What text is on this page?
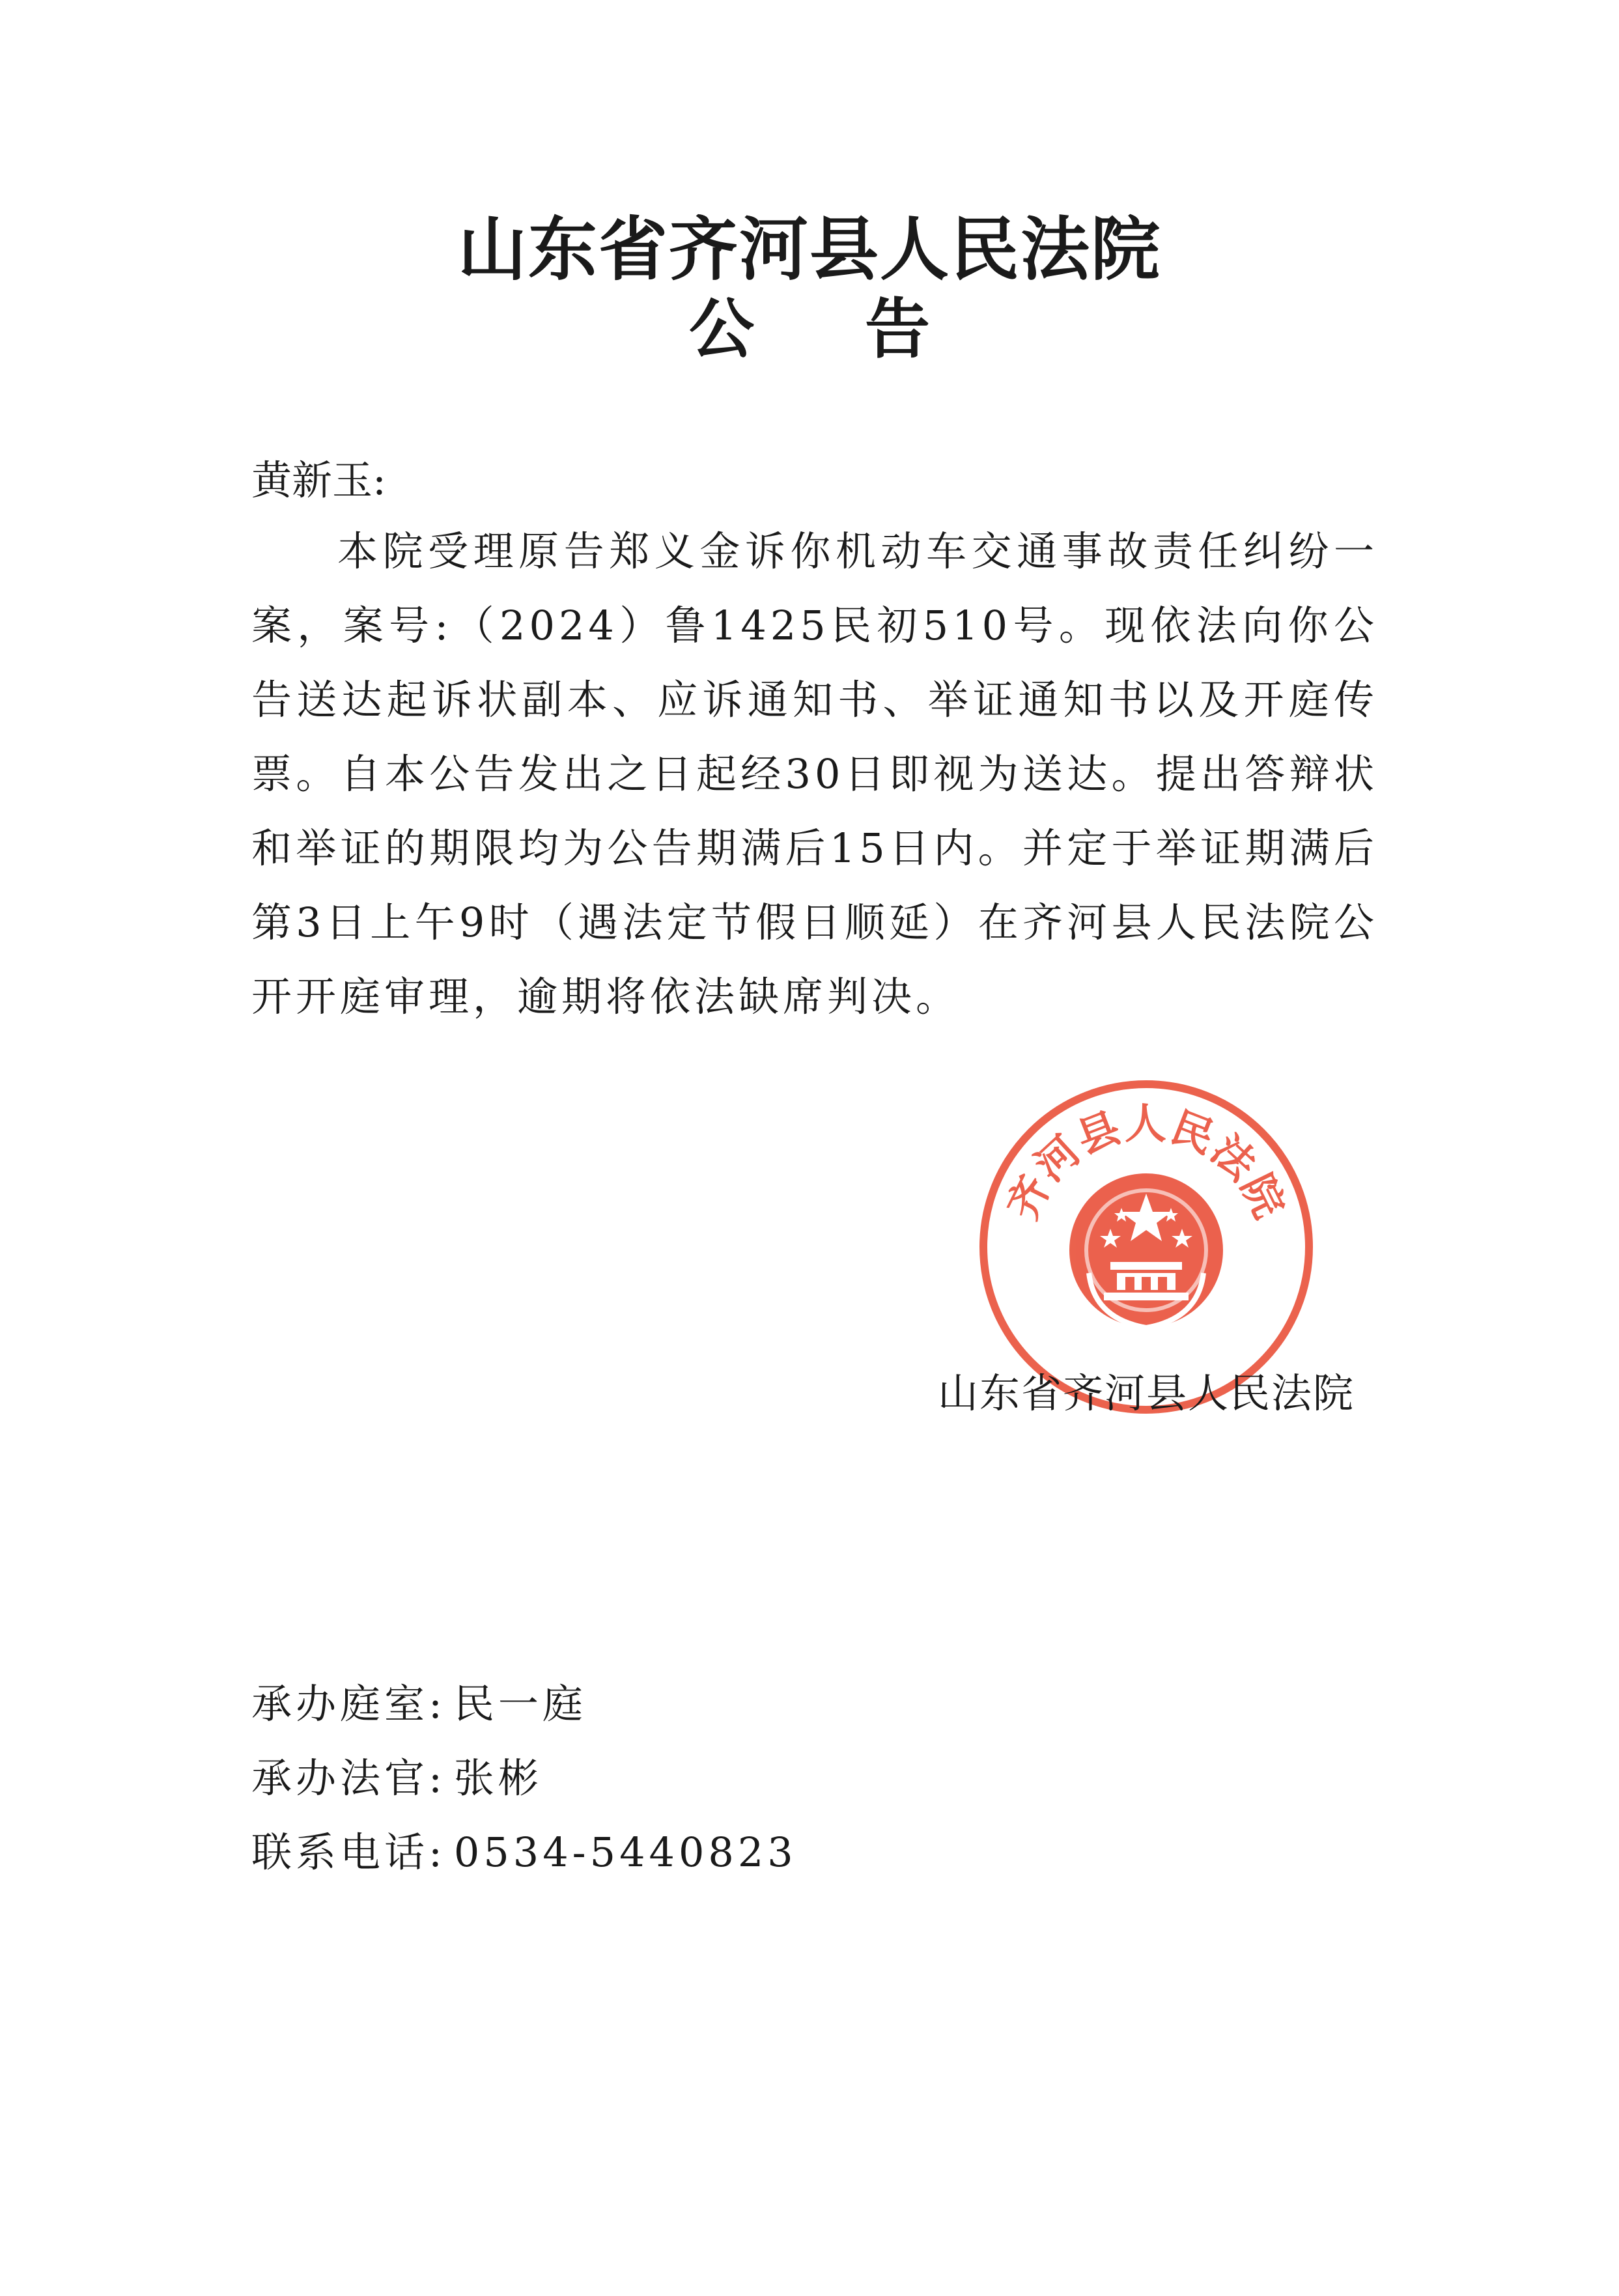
山东省齐河县人民法院
公告
黄新玉:
本院受理原告郑义金诉你机动车交通事故责任纠纷一案，案号:（2024）鲁1425民初510号。现依法向你公告送达起诉状副本、应诉通知书、举证通知书以及开庭传票。自本公告发出之日起经30日即视为送达。提出答辩状和举证的期限均为公告期满后15日内。并定于举证期满后第3日上午9时（遇法定节假日顺延）在齐河县人民法院公开开庭审理，逾期将依法缺席判决。
齐河县人民法院
山东省齐河县人民法院
承办庭室: 民一庭
承办法官: 张彬
联系电话: 0534-5440823
